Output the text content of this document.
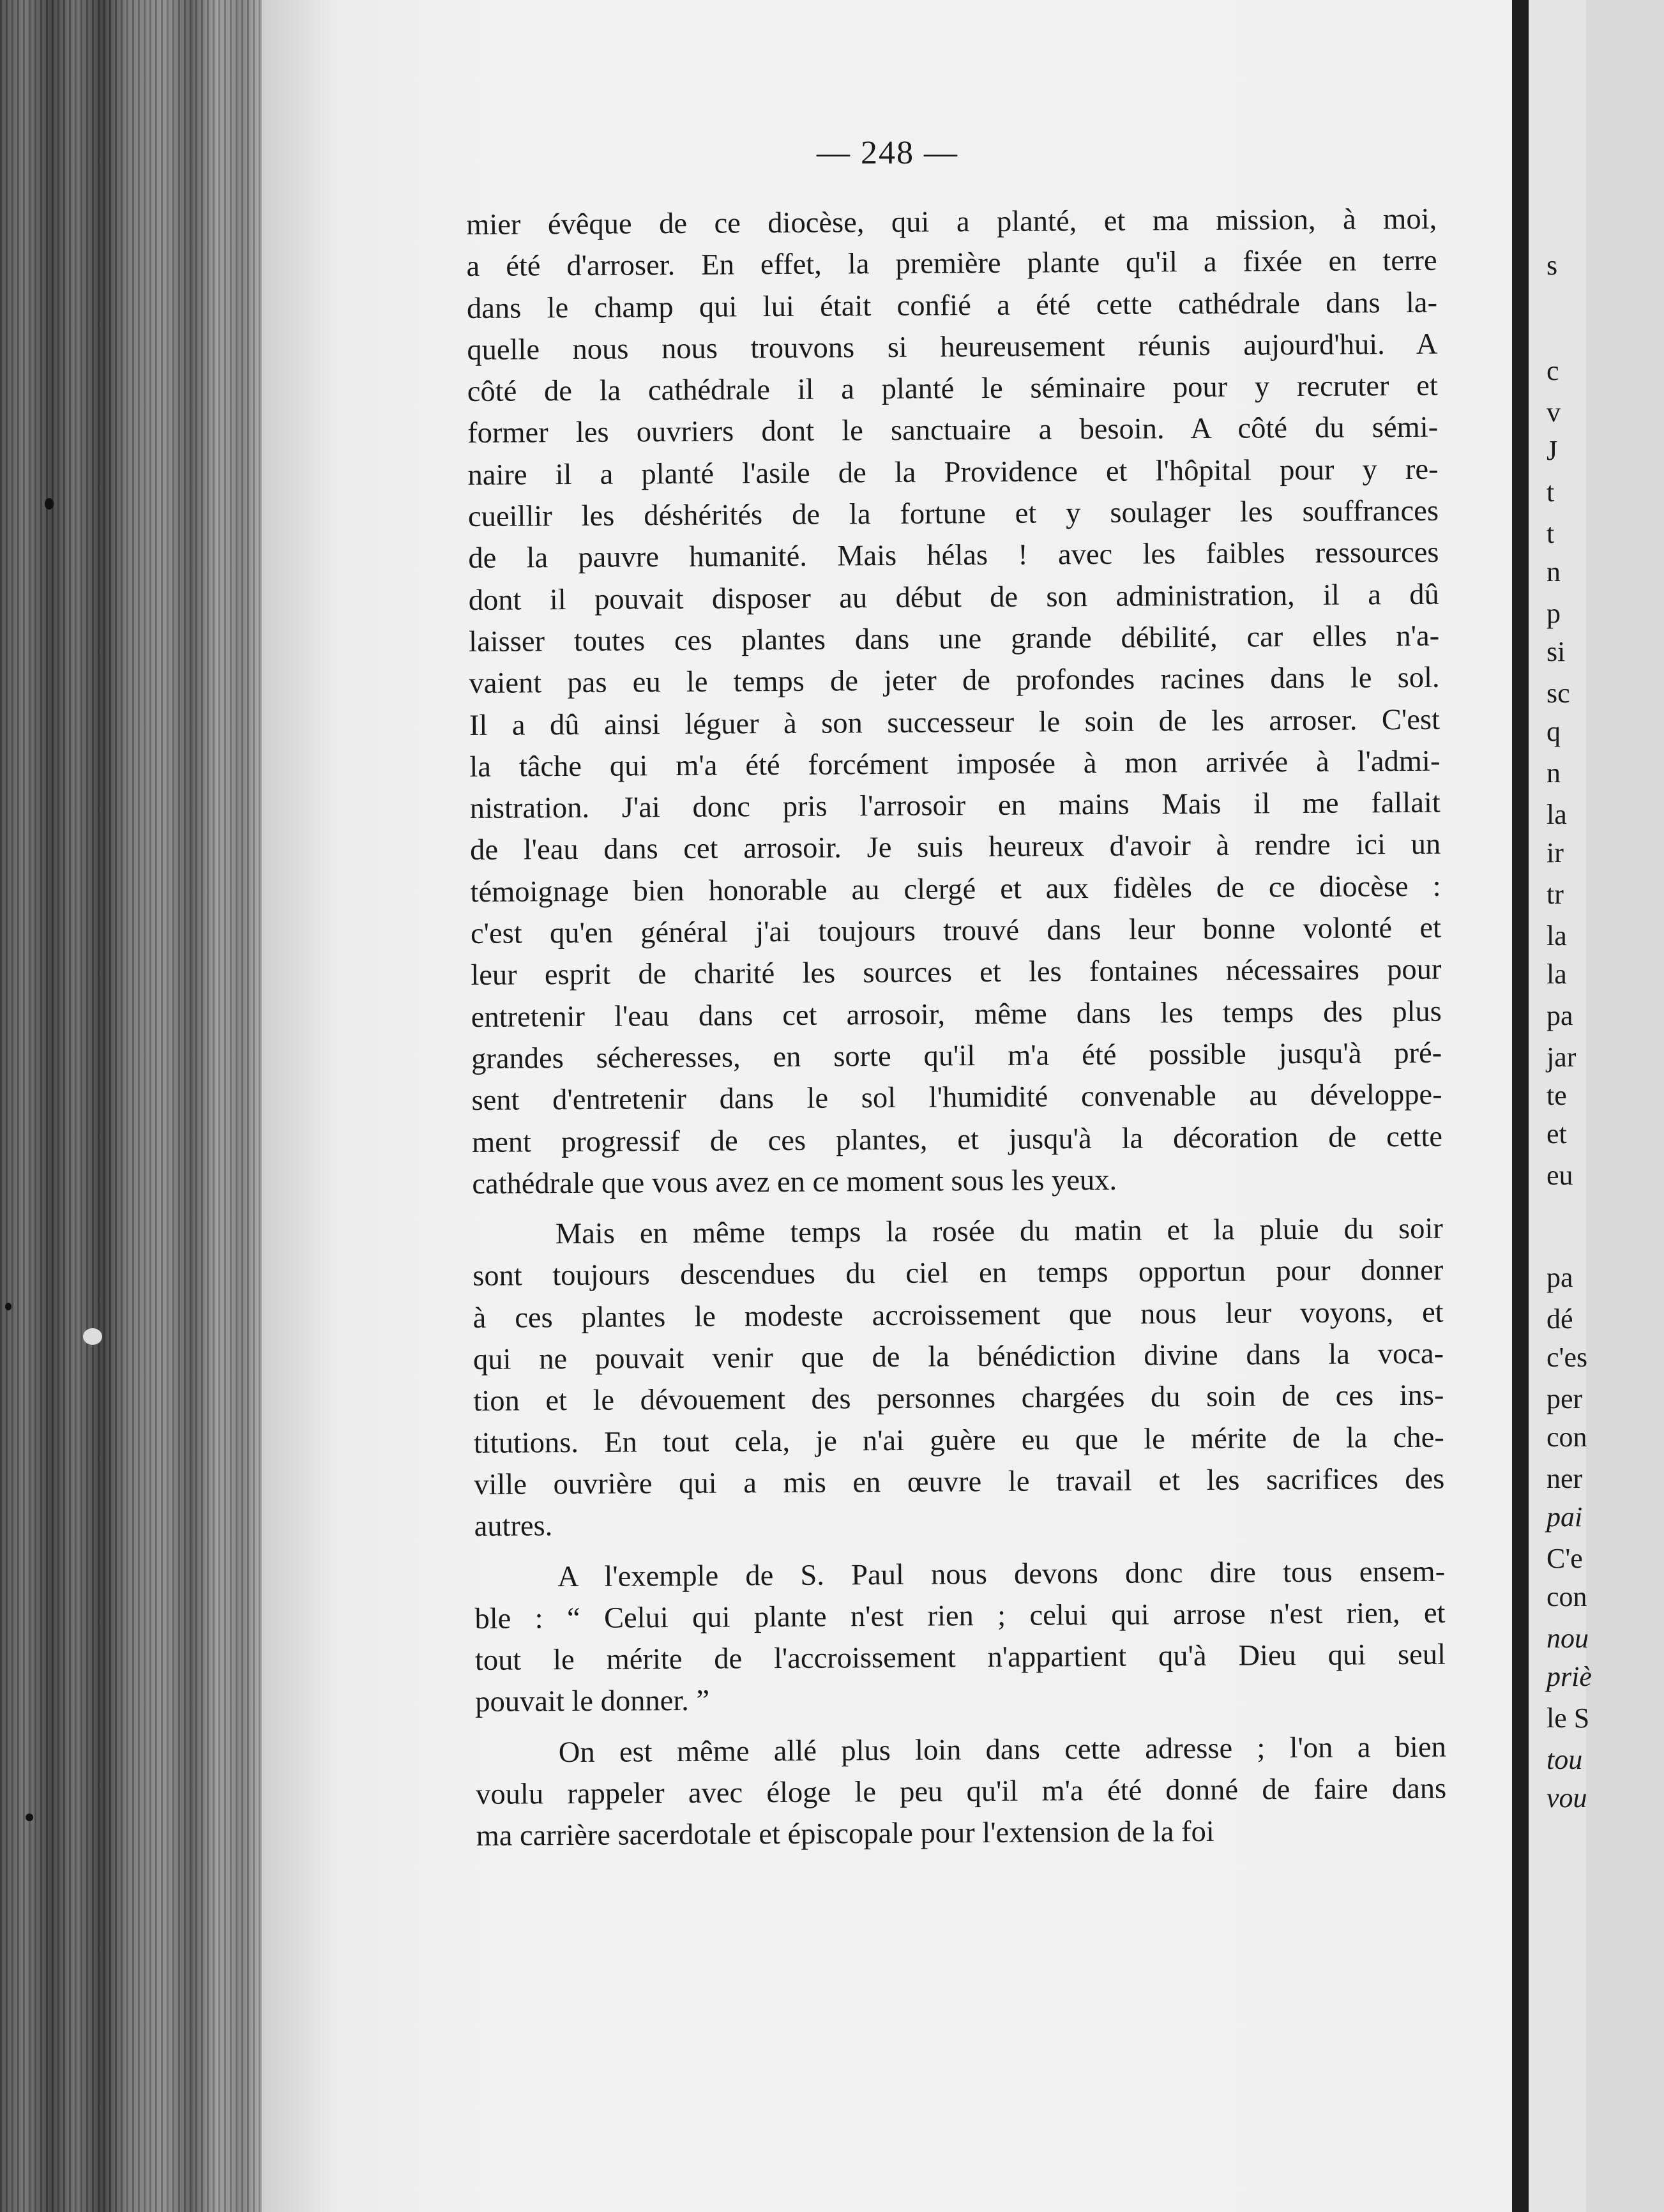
— 248 —
mier évêque de ce diocèse, qui a planté, et ma mission, à moi,
a été d'arroser. En effet, la première plante qu'il a fixée en terre
dans le champ qui lui était confié a été cette cathédrale dans la-
quelle nous nous trouvons si heureusement réunis aujourd'hui. A
côté de la cathédrale il a planté le séminaire pour y recruter et
former les ouvriers dont le sanctuaire a besoin. A côté du sémi-
naire il a planté l'asile de la Providence et l'hôpital pour y re-
cueillir les déshérités de la fortune et y soulager les souffrances
de la pauvre humanité. Mais hélas ! avec les faibles ressources
dont il pouvait disposer au début de son administration, il a dû
laisser toutes ces plantes dans une grande débilité, car elles n'a-
vaient pas eu le temps de jeter de profondes racines dans le sol.
Il a dû ainsi léguer à son successeur le soin de les arroser. C'est
la tâche qui m'a été forcément imposée à mon arrivée à l'admi-
nistration. J'ai donc pris l'arrosoir en mains Mais il me fallait
de l'eau dans cet arrosoir. Je suis heureux d'avoir à rendre ici un
témoignage bien honorable au clergé et aux fidèles de ce diocèse :
c'est qu'en général j'ai toujours trouvé dans leur bonne volonté et
leur esprit de charité les sources et les fontaines nécessaires pour
entretenir l'eau dans cet arrosoir, même dans les temps des plus
grandes sécheresses, en sorte qu'il m'a été possible jusqu'à pré-
sent d'entretenir dans le sol l'humidité convenable au développe-
ment progressif de ces plantes, et jusqu'à la décoration de cette
cathédrale que vous avez en ce moment sous les yeux.
Mais en même temps la rosée du matin et la pluie du soir
sont toujours descendues du ciel en temps opportun pour donner
à ces plantes le modeste accroissement que nous leur voyons, et
qui ne pouvait venir que de la bénédiction divine dans la voca-
tion et le dévouement des personnes chargées du soin de ces ins-
titutions. En tout cela, je n'ai guère eu que le mérite de la che-
ville ouvrière qui a mis en œuvre le travail et les sacrifices des
autres.
A l'exemple de S. Paul nous devons donc dire tous ensem-
ble : “ Celui qui plante n'est rien ; celui qui arrose n'est rien, et
tout le mérite de l'accroissement n'appartient qu'à Dieu qui seul
pouvait le donner. ”
On est même allé plus loin dans cette adresse ; l'on a bien
voulu rappeler avec éloge le peu qu'il m'a été donné de faire dans
ma carrière sacerdotale et épiscopale pour l'extension de la foi
s
c
v
J
t
t
n
p
si
sc
q
n
la
ir
tr
la
la
pa
jar
te
et
eu
pa
dé
c'es
per
con
ner
pai
C'e
con
nou
priè
le S
tou
vou
